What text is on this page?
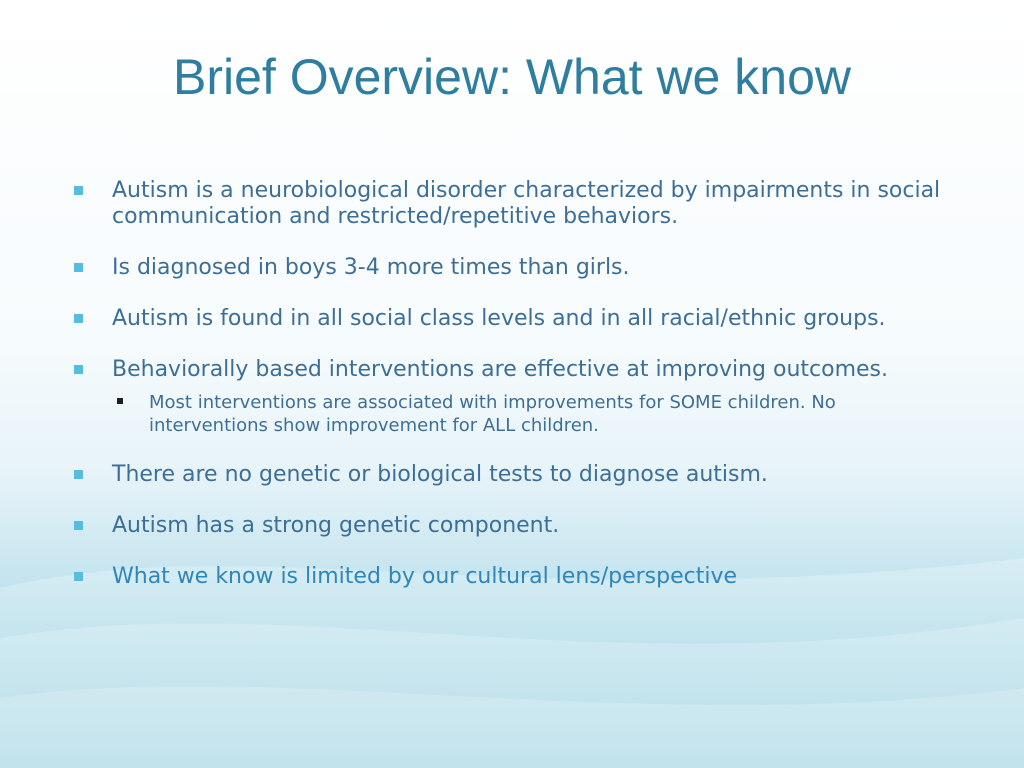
Brief Overview: What we know
Autism is a neurobiological disorder characterized by impairments in social communication and restricted/repetitive behaviors.
Is diagnosed in boys 3-4 more times than girls.
Autism is found in all social class levels and in all racial/ethnic groups.
Behaviorally based interventions are effective at improving outcomes.
Most interventions are associated with improvements for SOME children. No interventions show improvement for ALL children.
There are no genetic or biological tests to diagnose autism.
Autism has a strong genetic component.
What we know is limited by our cultural lens/perspective
